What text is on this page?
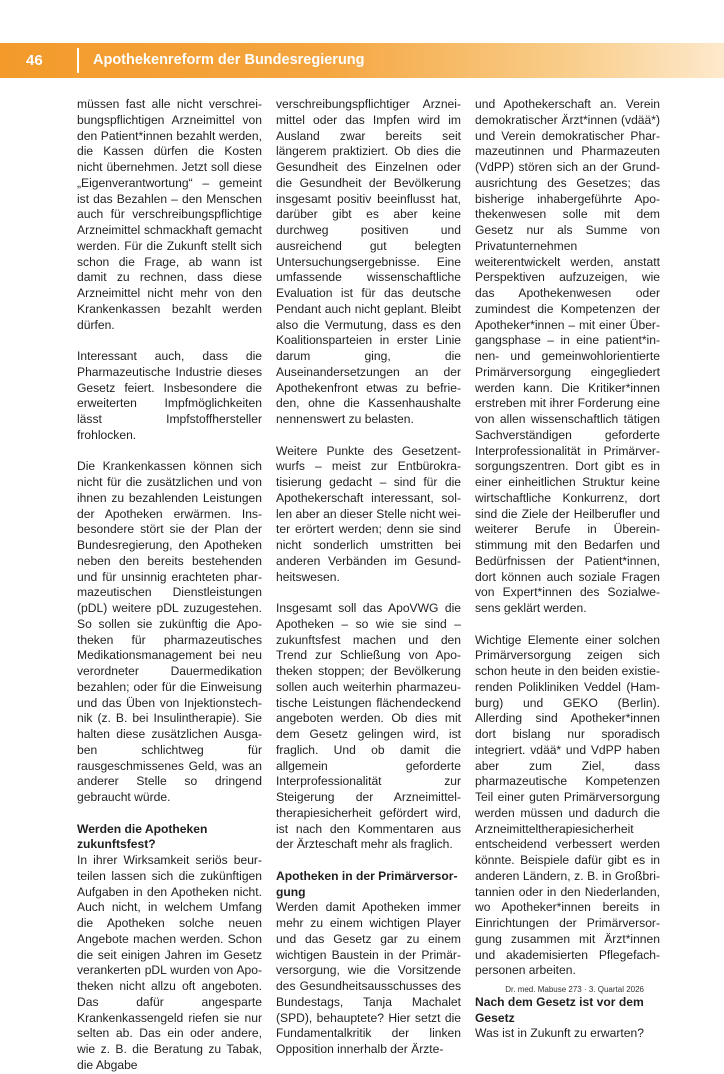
46	Apothekenreform der Bundesregierung

müssen fast alle nicht verschreibungspflichtigen Arzneimittel von den Patient*innen bezahlt werden, die Kassen dürfen die Kosten nicht übernehmen. Jetzt soll diese „Eigenverantwortung“ – gemeint ist das Bezahlen – den Menschen auch für verschreibungspflichtige Arzneimittel schmackhaft gemacht werden. Für die Zukunft stellt sich schon die Frage, ab wann ist damit zu rechnen, dass diese Arzneimittel nicht mehr von den Krankenkassen bezahlt werden dürfen.

Interessant auch, dass die Pharmazeutische Industrie dieses Gesetz feiert. Insbesondere die erweiterten Impfmöglichkeiten lässt Impfstoffhersteller frohlocken.

Die Krankenkassen können sich nicht für die zusätzlichen und von ihnen zu bezahlenden Leistungen der Apotheken erwärmen. Insbesondere stört sie der Plan der Bundesregierung, den Apotheken neben den bereits bestehenden und für unsinnig erachteten pharmazeutischen Dienstleistungen (pDL) weitere pDL zuzugestehen. So sollen sie zukünftig die Apotheken für pharmazeutisches Medikationsmanagement bei neu verordneter Dauermedikation bezahlen; oder für die Einweisung und das Üben von Injektionstechnik (z. B. bei Insulintherapie). Sie halten diese zusätzlichen Ausgaben schlichtweg für rausgeschmissenes Geld, was an anderer Stelle so dringend gebraucht würde.

Werden die Apotheken zukunftsfest?

In ihrer Wirksamkeit seriös beurteilen lassen sich die zukünftigen Aufgaben in den Apotheken nicht. Auch nicht, in welchem Umfang die Apotheken solche neuen Angebote machen werden. Schon die seit einigen Jahren im Gesetz verankerten pDL wurden von Apotheken nicht allzu oft angeboten. Das dafür angesparte Krankenkassengeld riefen sie nur selten ab. Das ein oder andere, wie z. B. die Beratung zu Tabak, die Abgabe

verschreibungspflichtiger Arzneimittel oder das Impfen wird im Ausland zwar bereits seit längerem praktiziert. Ob dies die Gesundheit des Einzelnen oder die Gesundheit der Bevölkerung insgesamt positiv beeinflusst hat, darüber gibt es aber keine durchweg positiven und ausreichend gut belegten Untersuchungsergebnisse. Eine umfassende wissenschaftliche Evaluation ist für das deutsche Pendant auch nicht geplant. Bleibt also die Vermutung, dass es den Koalitionsparteien in erster Linie darum ging, die Auseinandersetzungen an der Apothekenfront etwas zu befrieden, ohne die Kassenhaushalte nennenswert zu belasten.

Weitere Punkte des Gesetzentwurfs – meist zur Entbürokratisierung gedacht – sind für die Apothekerschaft interessant, sollen aber an dieser Stelle nicht weiter erörtert werden; denn sie sind nicht sonderlich umstritten bei anderen Verbänden im Gesundheitswesen.

Insgesamt soll das ApoVWG die Apotheken – so wie sie sind – zukunftsfest machen und den Trend zur Schließung von Apotheken stoppen; der Bevölkerung sollen auch weiterhin pharmazeutische Leistungen flächendeckend angeboten werden. Ob dies mit dem Gesetz gelingen wird, ist fraglich. Und ob damit die allgemein geforderte Interprofessionalität zur Steigerung der Arzneimitteltherapiesicherheit gefördert wird, ist nach den Kommentaren aus der Ärzteschaft mehr als fraglich.

Apotheken in der Primärversorgung

Werden damit Apotheken immer mehr zu einem wichtigen Player und das Gesetz gar zu einem wichtigen Baustein in der Primärversorgung, wie die Vorsitzende des Gesundheitsausschusses des Bundestags, Tanja Machalet (SPD), behauptete? Hier setzt die Fundamentalkritik der linken Opposition innerhalb der Ärzte-

und Apothekerschaft an. Verein demokratischer Ärzt*innen (vdää*) und Verein demokratischer Pharmazeutinnen und Pharmazeuten (VdPP) stören sich an der Grundausrichtung des Gesetzes; das bisherige inhabergeführte Apothekenwesen solle mit dem Gesetz nur als Summe von Privatunternehmen weiterentwickelt werden, anstatt Perspektiven aufzuzeigen, wie das Apothekenwesen oder zumindest die Kompetenzen der Apotheker*innen – mit einer Übergangsphase – in eine patient*innen- und gemeinwohlorientierte Primärversorgung eingegliedert werden kann. Die Kritiker*innen erstreben mit ihrer Forderung eine von allen wissenschaftlich tätigen Sachverständigen geforderte Interprofessionalität in Primärversorgungszentren. Dort gibt es in einer einheitlichen Struktur keine wirtschaftliche Konkurrenz, dort sind die Ziele der Heilberufler und weiterer Berufe in Übereinstimmung mit den Bedarfen und Bedürfnissen der Patient*innen, dort können auch soziale Fragen von Expert*innen des Sozialwesens geklärt werden.

Wichtige Elemente einer solchen Primärversorgung zeigen sich schon heute in den beiden existierenden Polikliniken Veddel (Hamburg) und GEKO (Berlin). Allerding sind Apotheker*innen dort bislang nur sporadisch integriert. vdää* und VdPP haben aber zum Ziel, dass pharmazeutische Kompetenzen Teil einer guten Primärversorgung werden müssen und dadurch die Arzneimitteltherapiesicherheit entscheidend verbessert werden könnte. Beispiele dafür gibt es in anderen Ländern, z. B. in Großbritannien oder in den Niederlanden, wo Apotheker*innen bereits in Einrichtungen der Primärversorgung zusammen mit Ärzt*innen und akademisierten Pflegefachpersonen arbeiten.

Nach dem Gesetz ist vor dem Gesetz

Was ist in Zukunft zu erwarten?

Dr. med. Mabuse 273 · 3. Quartal 2026
